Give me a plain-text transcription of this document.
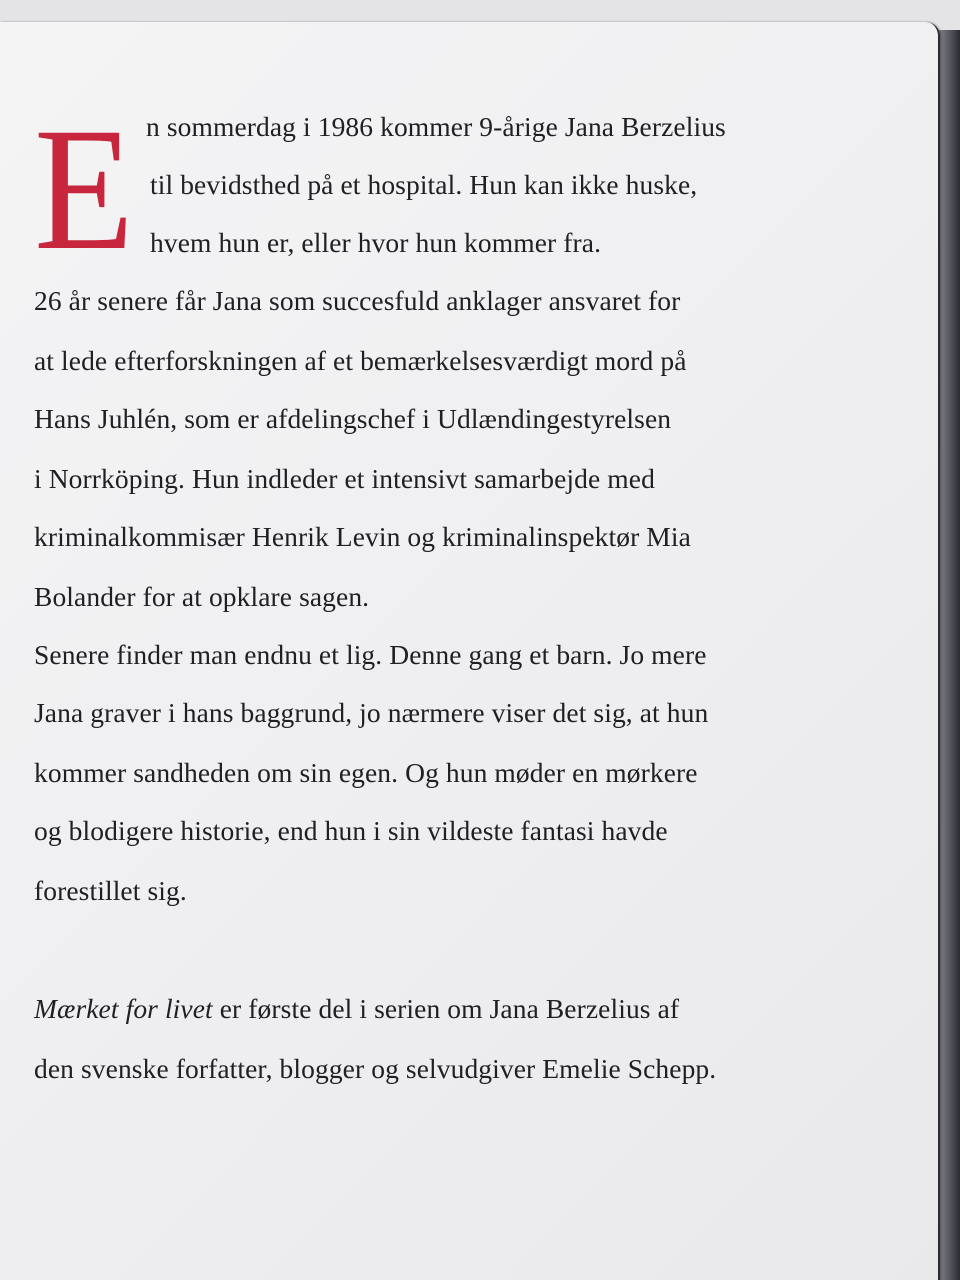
E n sommerdag i 1986 kommer 9-årige Jana Berzelius
til bevidsthed på et hospital. Hun kan ikke huske,
hvem hun er, eller hvor hun kommer fra.
26 år senere får Jana som succesfuld anklager ansvaret for
at lede efterforskningen af et bemærkelsesværdigt mord på
Hans Juhlén, som er afdelingschef i Udlændingestyrelsen
i Norrköping. Hun indleder et intensivt samarbejde med
kriminalkommisær Henrik Levin og kriminalinspektør Mia
Bolander for at opklare sagen.
Senere finder man endnu et lig. Denne gang et barn. Jo mere
Jana graver i hans baggrund, jo nærmere viser det sig, at hun
kommer sandheden om sin egen. Og hun møder en mørkere
og blodigere historie, end hun i sin vildeste fantasi havde
forestillet sig.
Mærket for livet er første del i serien om Jana Berzelius af
den svenske forfatter, blogger og selvudgiver Emelie Schepp.
